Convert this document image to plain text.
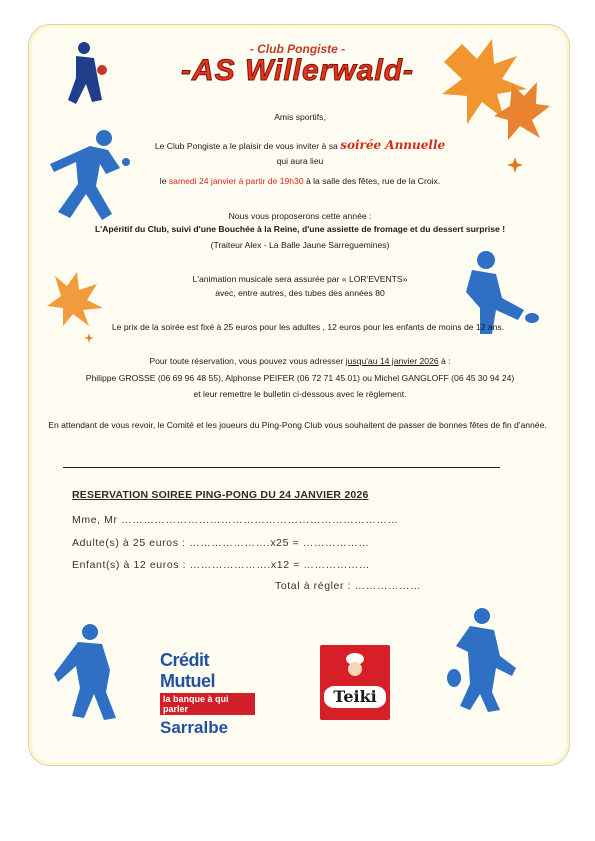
- Club Pongiste -
-AS Willerwald-
Amis sportifs,
Le Club Pongiste a le plaisir de vous inviter à sa soirée Annuelle
qui aura lieu
le samedi 24 janvier à partir de 19h30 à la salle des fêtes, rue de la Croix.
Nous vous proposerons cette année :
L'Apéritif du Club, suivi d'une Bouchée à la Reine, d'une assiette de fromage et du dessert surprise !
(Traiteur Alex - La Balle Jaune Sarreguemines)
L'animation musicale sera assurée par « LOR'EVENTS»
avec, entre autres, des tubes des années 80
Le prix de la soirée est fixé à 25 euros pour les adultes , 12 euros pour les enfants de moins de 12 ans.
Pour toute réservation, vous pouvez vous adresser jusqu'au 14 janvier 2026 à :
Philippe GROSSE (06 69 96 48 55), Alphonse PEIFER (06 72 71 45 01) ou Michel GANGLOFF (06 45 30 94 24)
et leur remettre le bulletin ci-dessous avec le règlement.
En attendant de vous revoir, le Comité et les joueurs du Ping-Pong Club vous souhaitent de passer de bonnes fêtes de fin d'année.
RESERVATION SOIREE PING-PONG DU 24 JANVIER 2026
Mme, Mr …………………………………………………………………
Adulte(s) à 25 euros : ………………….x25 = ………………
Enfant(s) à 12 euros : ………………….x12 = ………………
Total à régler : ………………
Crédit Mutuel
la banque à qui parler
Sarralbe
Teiki
